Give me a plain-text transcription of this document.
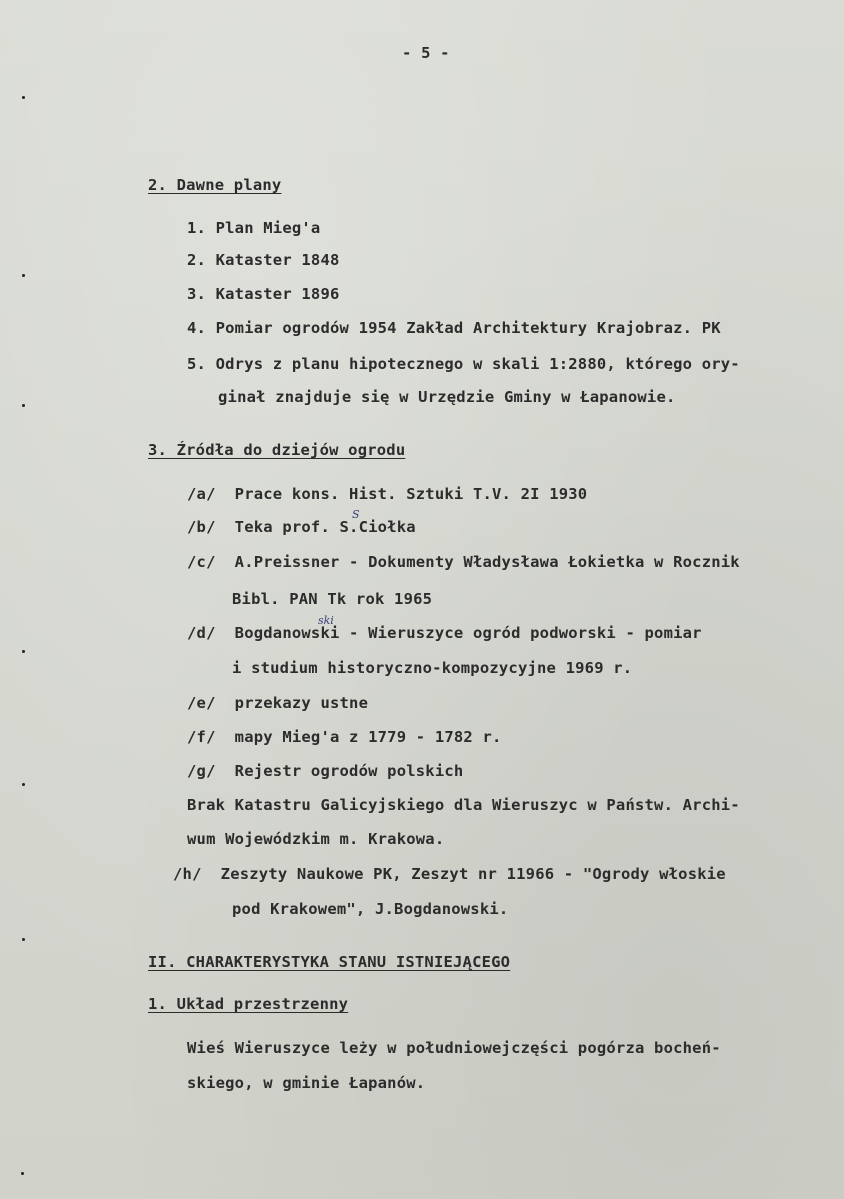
- 5 -
2. Dawne plany
1. Plan Mieg'a
2. Kataster 1848
3. Kataster 1896
4. Pomiar ogrodów 1954 Zakład Architektury Krajobraz. PK
5. Odrys z planu hipotecznego w skali 1:2880, którego ory-
ginał znajduje się w Urzędzie Gminy w Łapanowie.
3. Źródła do dziejów ogrodu
/a/  Prace kons. Hist. Sztuki T.V. 2I 1930
/b/  Teka prof. S.Ciołka
S
/c/  A.Preissner - Dokumenty Władysława Łokietka w Rocznik
Bibl. PAN Tk rok 1965
/d/  Bogdanowski - Wieruszyce ogród podworski - pomiar
ski
i studium historyczno-kompozycyjne 1969 r.
/e/  przekazy ustne
/f/  mapy Mieg'a z 1779 - 1782 r.
/g/  Rejestr ogrodów polskich
Brak Katastru Galicyjskiego dla Wieruszyc w Państw. Archi-
wum Wojewódzkim m. Krakowa.
/h/  Zeszyty Naukowe PK, Zeszyt nr 11966 - "Ogrody włoskie
pod Krakowem", J.Bogdanowski.
II. CHARAKTERYSTYKA STANU ISTNIEJĄCEGO
1. Układ przestrzenny
Wieś Wieruszyce leży w południowejczęści pogórza bocheń-
skiego, w gminie Łapanów.
